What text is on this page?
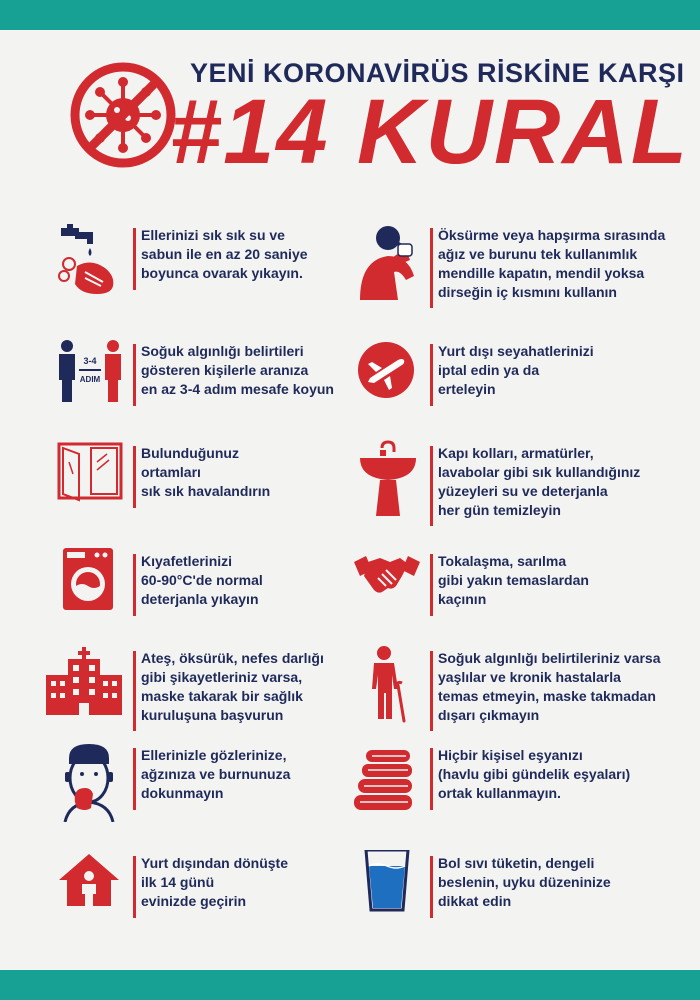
YENİ KORONAVİRÜS RİSKİNE KARŞI
#14 KURAL
Ellerinizi sık sık su ve
sabun ile en az 20 saniye
boyunca ovarak yıkayın.
Öksürme veya hapşırma sırasında
ağız ve burunu tek kullanımlık
mendille kapatın, mendil yoksa
dirseğin iç kısmını kullanın
3-4
ADIM
Soğuk algınlığı belirtileri
gösteren kişilerle aranıza
en az 3-4 adım mesafe koyun
Yurt dışı seyahatlerinizi
iptal edin ya da
erteleyin
Bulunduğunuz
ortamları
sık sık havalandırın
Kapı kolları, armatürler,
lavabolar gibi sık kullandığınız
yüzeyleri su ve deterjanla
her gün temizleyin
Kıyafetlerinizi
60-90°C'de normal
deterjanla yıkayın
Tokalaşma, sarılma
gibi yakın temaslardan
kaçının
Ateş, öksürük, nefes darlığı
gibi şikayetleriniz varsa,
maske takarak bir sağlık
kuruluşuna başvurun
Soğuk algınlığı belirtileriniz varsa
yaşlılar ve kronik hastalarla
temas etmeyin, maske takmadan
dışarı çıkmayın
Ellerinizle gözlerinize,
ağzınıza ve burnunuza
dokunmayın
Hiçbir kişisel eşyanızı
(havlu gibi gündelik eşyaları)
ortak kullanmayın.
Yurt dışından dönüşte
ilk 14 günü
evinizde geçirin
Bol sıvı tüketin, dengeli
beslenin, uyku düzeninize
dikkat edin
